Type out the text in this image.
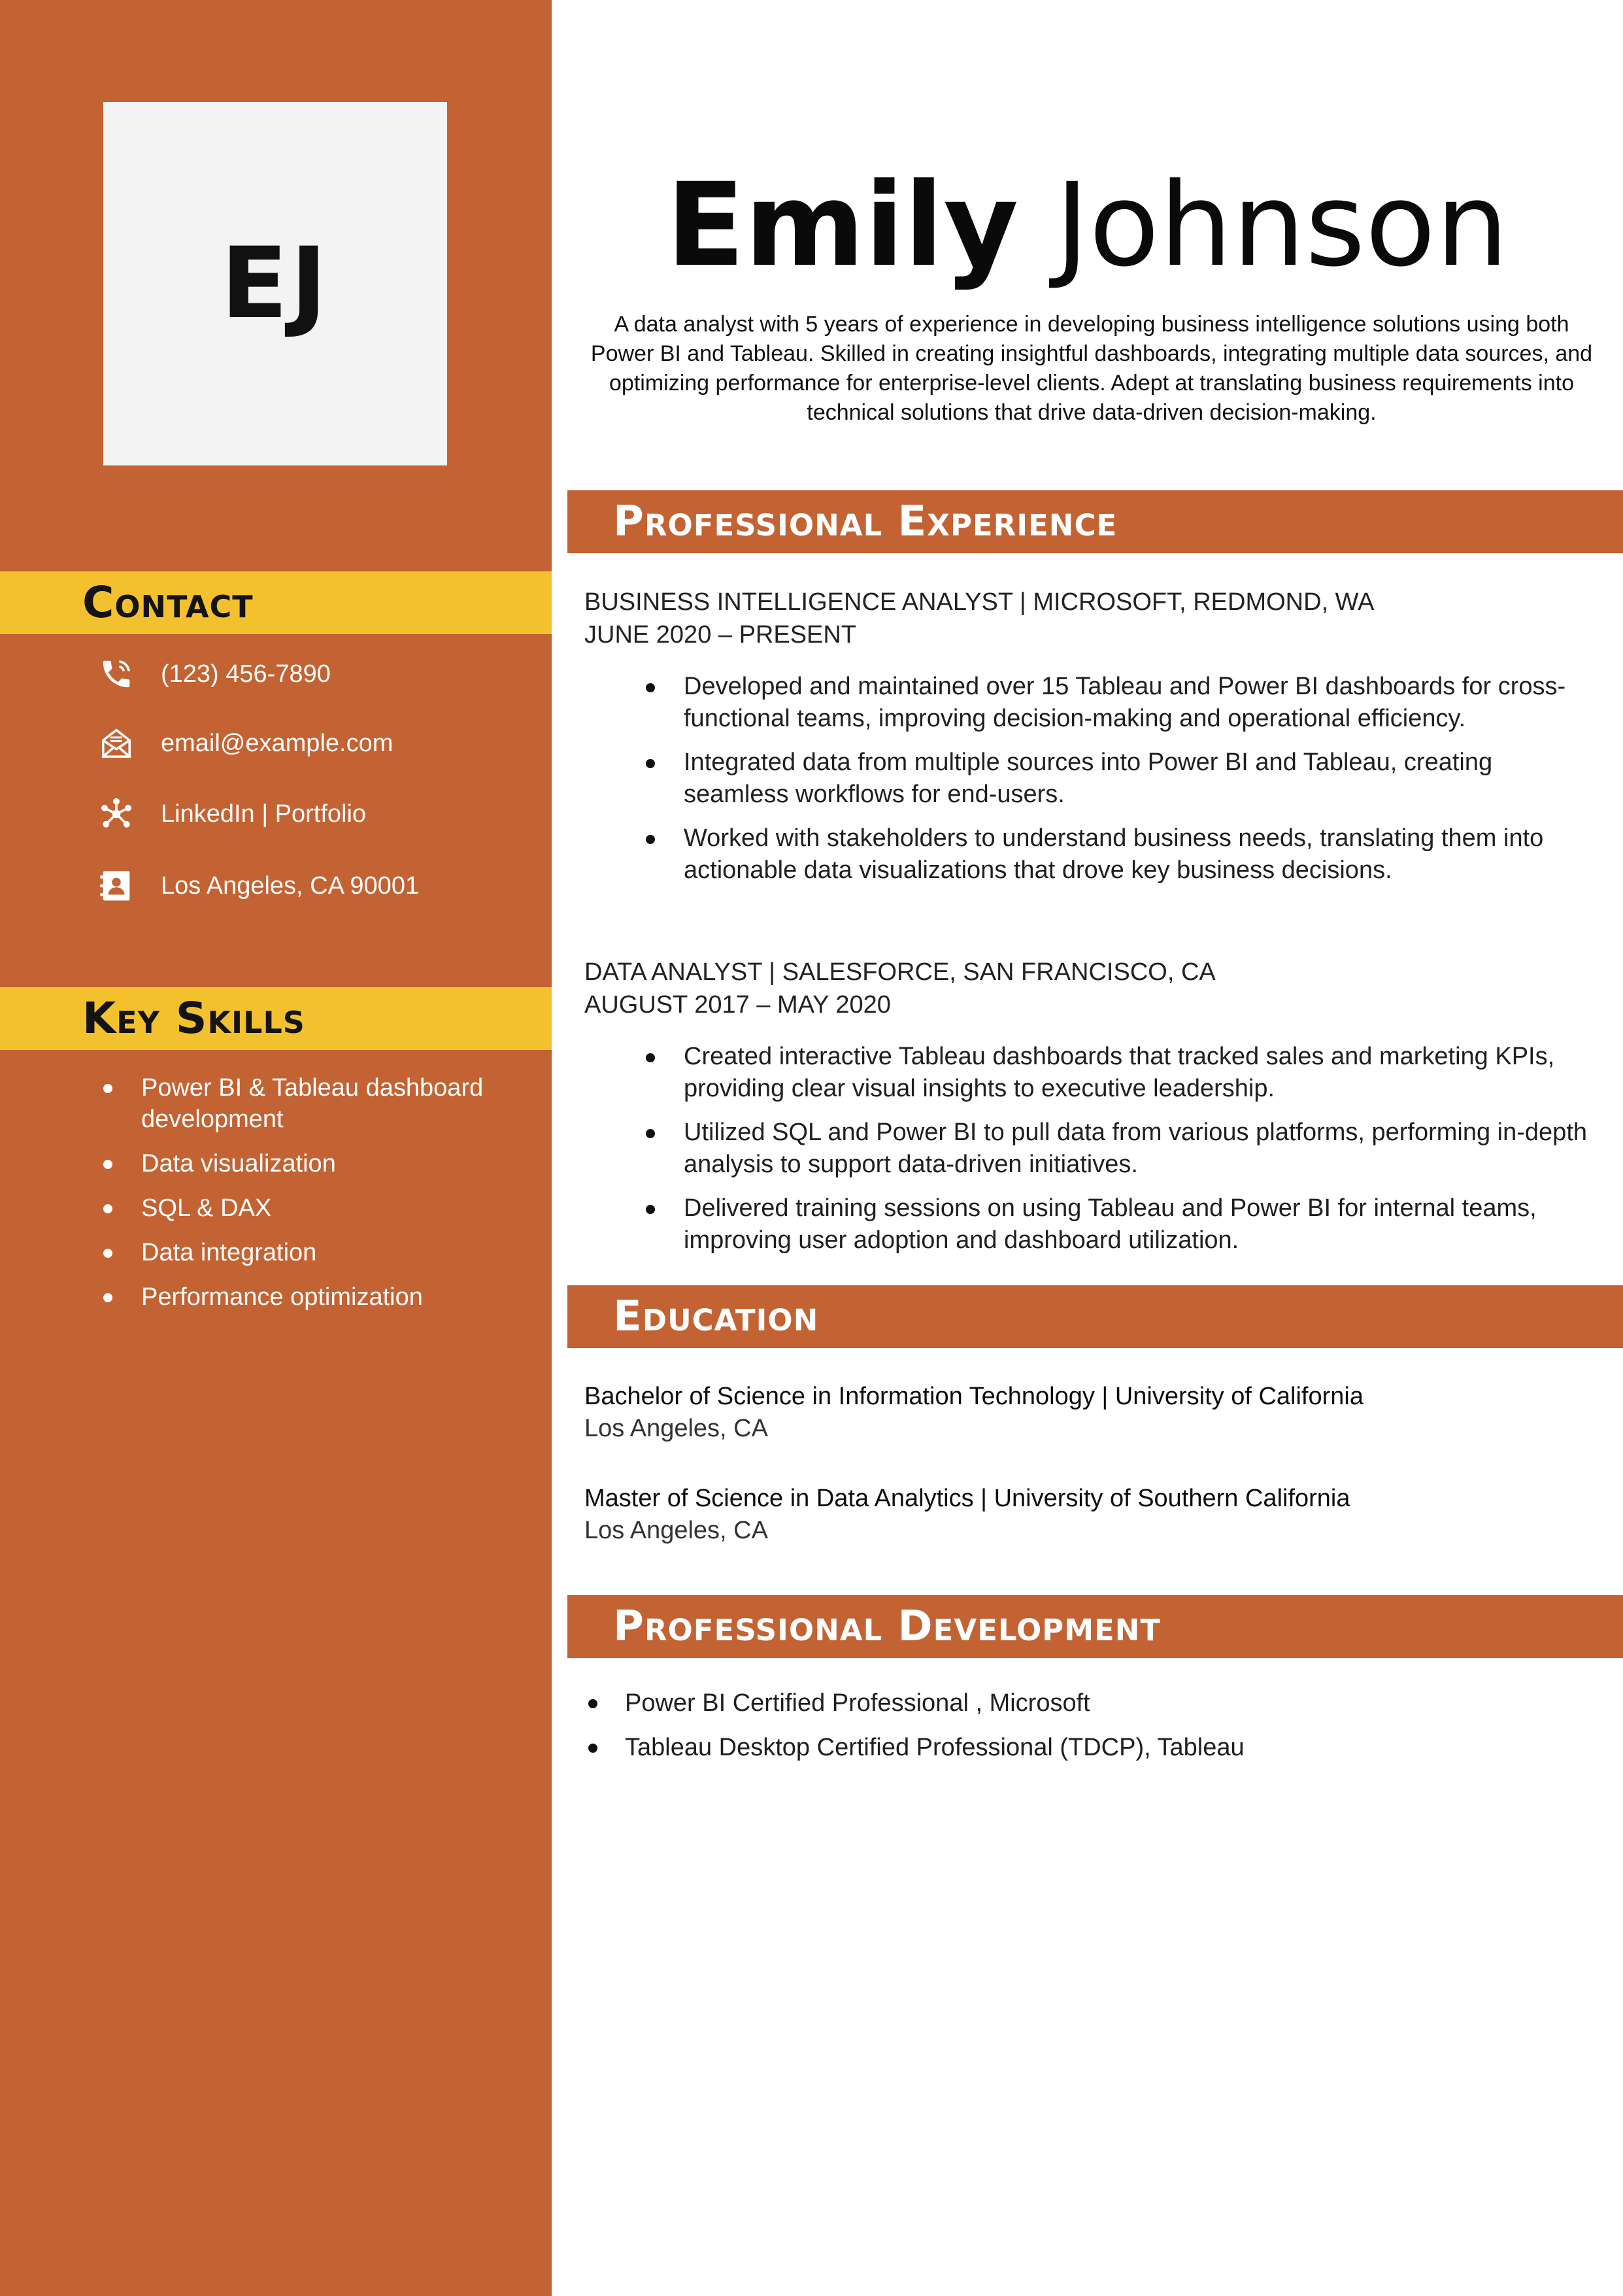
EJ
Contact
(123) 456-7890
email@example.com
LinkedIn | Portfolio
Los Angeles, CA 90001
Key Skills
Power BI & Tableau dashboard development
Data visualization
SQL & DAX
Data integration
Performance optimization
Emily Johnson
A data analyst with 5 years of experience in developing business intelligence solutions using both Power BI and Tableau. Skilled in creating insightful dashboards, integrating multiple data sources, and optimizing performance for enterprise-level clients. Adept at translating business requirements into technical solutions that drive data-driven decision-making.
Professional Experience
BUSINESS INTELLIGENCE ANALYST | MICROSOFT, REDMOND, WA
JUNE 2020 – PRESENT
Developed and maintained over 15 Tableau and Power BI dashboards for cross-functional teams, improving decision-making and operational efficiency.
Integrated data from multiple sources into Power BI and Tableau, creating seamless workflows for end-users.
Worked with stakeholders to understand business needs, translating them into actionable data visualizations that drove key business decisions.
DATA ANALYST | SALESFORCE, SAN FRANCISCO, CA
AUGUST 2017 – MAY 2020
Created interactive Tableau dashboards that tracked sales and marketing KPIs, providing clear visual insights to executive leadership.
Utilized SQL and Power BI to pull data from various platforms, performing in-depth analysis to support data-driven initiatives.
Delivered training sessions on using Tableau and Power BI for internal teams, improving user adoption and dashboard utilization.
Education
Bachelor of Science in Information Technology | University of California
Los Angeles, CA
Master of Science in Data Analytics | University of Southern California
Los Angeles, CA
Professional Development
Power BI Certified Professional , Microsoft
Tableau Desktop Certified Professional (TDCP), Tableau
